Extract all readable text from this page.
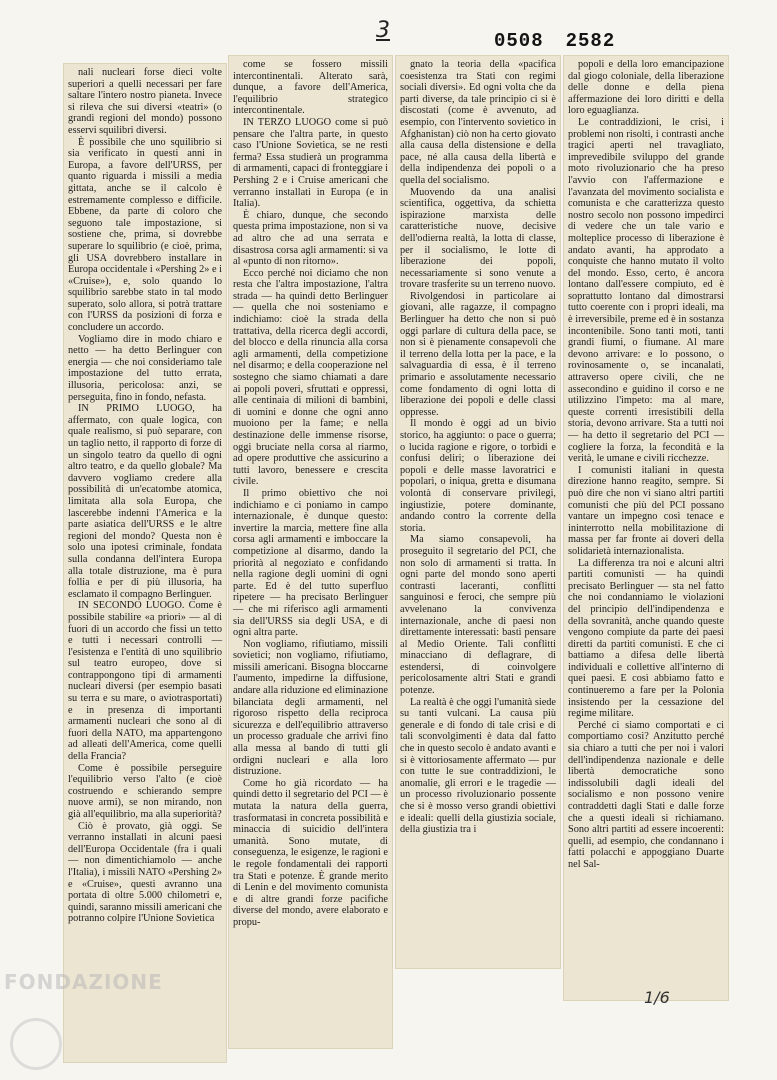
3	0508 2582

nali nucleari forse dieci volte superiori a quelli necessari per fare saltare l'intero nostro pianeta. Invece si rileva che sui diversi «teatri» (o grandi regioni del mondo) possono esservi squilibri diversi.

È possibile che uno squilibrio si sia verificato in questi anni in Europa, a favore dell'URSS, per quanto riguarda i missili a media gittata, anche se il calcolo è estremamente complesso e difficile. Ebbene, da parte di coloro che seguono tale impostazione, si sostiene che, prima, si dovrebbe superare lo squilibrio (e cioè, prima, gli USA dovrebbero installare in Europa occidentale i «Pershing 2» e i «Cruise»), e, solo quando lo squilibrio sarebbe stato in tal modo superato, solo allora, si potrà trattare con l'URSS da posizioni di forza e concludere un accordo.

Vogliamo dire in modo chiaro e netto — ha detto Berlinguer con energia — che noi consideriamo tale impostazione del tutto errata, illusoria, pericolosa: anzi, se perseguita, fino in fondo, nefasta.

IN PRIMO LUOGO, ha affermato, con quale logica, con quale realismo, si può separare, con un taglio netto, il rapporto di forze di un singolo teatro da quello di ogni altro teatro, e da quello globale? Ma davvero vogliamo credere alla possibilità di un'ecatombe atomica, limitata alla sola Europa, che lascerebbe indenni l'America e la parte asiatica dell'URSS e le altre regioni del mondo? Questa non è solo una ipotesi criminale, fondata sulla condanna dell'intera Europa alla totale distruzione, ma è pura follia e per di più illusoria, ha esclamato il compagno Berlinguer.

IN SECONDO LUOGO. Come è possibile stabilire «a priori» — al di fuori di un accordo che fissi un tetto e tutti i necessari controlli — l'esistenza e l'entità di uno squilibrio sul teatro europeo, dove si contrappongono tipi di armamenti nucleari diversi (per esempio basati su terra e su mare, o aviotrasportati) e in presenza di importanti armamenti nucleari che sono al di fuori della NATO, ma appartengono ad alleati dell'America, come quelli della Francia?

Come è possibile perseguire l'equilibrio verso l'alto (e cioè costruendo e schierando sempre nuove armi), se non mirando, non già all'equilibrio, ma alla superiorità?

Ciò è provato, già oggi. Se verranno installati in alcuni paesi dell'Europa Occidentale (fra i quali — non dimentichiamolo — anche l'Italia), i missili NATO «Pershing 2» e «Cruise», questi avranno una portata di oltre 5.000 chilometri e, quindi, saranno missili americani che potranno colpire l'Unione Sovietica

come se fossero missili intercontinentali. Alterato sarà, dunque, a favore dell'America, l'equilibrio strategico intercontinentale.

IN TERZO LUOGO come si può pensare che l'altra parte, in questo caso l'Unione Sovietica, se ne resti ferma? Essa studierà un programma di armamenti, capaci di fronteggiare i Pershing 2 e i Cruise americani che verranno installati in Europa (e in Italia).

È chiaro, dunque, che secondo questa prima impostazione, non si va ad altro che ad una serrata e disastrosa corsa agli armamenti: si va al «punto di non ritorno».

Ecco perché noi diciamo che non resta che l'altra impostazione, l'altra strada — ha quindi detto Berlinguer — quella che noi sosteniamo e indichiamo: cioè la strada della trattativa, della ricerca degli accordi, del blocco e della rinuncia alla corsa agli armamenti, della competizione nel disarmo; e della cooperazione nel sostegno che siamo chiamati a dare ai popoli poveri, sfruttati e oppressi, alle centinaia di milioni di bambini, di uomini e donne che ogni anno muoiono per la fame; e nella destinazione delle immense risorse, oggi bruciate nella corsa al riarmo, ad opere produttive che assicurino a tutti lavoro, benessere e crescita civile.

Il primo obiettivo che noi indichiamo e ci poniamo in campo internazionale, è dunque questo: invertire la marcia, mettere fine alla corsa agli armamenti e imboccare la competizione al disarmo, dando la priorità al negoziato e confidando nella ragione degli uomini di ogni parte. Ed è del tutto superfluo ripetere — ha precisato Berlinguer — che mi riferisco agli armamenti sia dell'URSS sia degli USA, e di ogni altra parte.

Non vogliamo, rifiutiamo, missili sovietici; non vogliamo, rifiutiamo, missili americani. Bisogna bloccarne l'aumento, impedirne la diffusione, andare alla riduzione ed eliminazione bilanciata degli armamenti, nel rigoroso rispetto della reciproca sicurezza e dell'equilibrio attraverso un processo graduale che arrivi fino alla messa al bando di tutti gli ordigni nucleari e alla loro distruzione.

Come ho già ricordato — ha quindi detto il segretario del PCI — è mutata la natura della guerra, trasformatasi in concreta possibilità e minaccia di suicidio dell'intera umanità. Sono mutate, di conseguenza, le esigenze, le ragioni e le regole fondamentali dei rapporti tra Stati e potenze. È grande merito di Lenin e del movimento comunista e di altre grandi forze pacifiche diverse del mondo, avere elaborato e propu-

gnato la teoria della «pacifica coesistenza tra Stati con regimi sociali diversi». Ed ogni volta che da parti diverse, da tale principio ci si è discostati (come è avvenuto, ad esempio, con l'intervento sovietico in Afghanistan) ciò non ha certo giovato alla causa della distensione e della pace, né alla causa della libertà e della indipendenza dei popoli o a quella del socialismo.

Muovendo da una analisi scientifica, oggettiva, da schietta ispirazione marxista delle caratteristiche nuove, decisive dell'odierna realtà, la lotta di classe, per il socialismo, le lotte di liberazione dei popoli, necessariamente si sono venute a trovare trasferite su un terreno nuovo.

Rivolgendosi in particolare ai giovani, alle ragazze, il compagno Berlinguer ha detto che non si può oggi parlare di cultura della pace, se non si è pienamente consapevoli che il terreno della lotta per la pace, e la salvaguardia di essa, è il terreno primario e assolutamente necessario come fondamento di ogni lotta di liberazione dei popoli e delle classi oppresse.

Il mondo è oggi ad un bivio storico, ha aggiunto: o pace o guerra; o lucida ragione e rigore, o torbidi e confusi deliri; o liberazione dei popoli e delle masse lavoratrici e popolari, o iniqua, gretta e disumana volontà di conservare privilegi, ingiustizie, potere dominante, andando contro la corrente della storia.

Ma siamo consapevoli, ha proseguito il segretario del PCI, che non solo di armamenti si tratta. In ogni parte del mondo sono aperti contrasti laceranti, conflitti sanguinosi e feroci, che sempre più avvelenano la convivenza internazionale, anche di paesi non direttamente interessati: basti pensare al Medio Oriente. Tali conflitti minacciano di deflagrare, di estendersi, di coinvolgere pericolosamente altri Stati e grandi potenze.

La realtà è che oggi l'umanità siede su tanti vulcani. La causa più generale e di fondo di tale crisi e di tali sconvolgimenti è data dal fatto che in questo secolo è andato avanti e si è vittoriosamente affermato — pur con tutte le sue contraddizioni, le anomalie, gli errori e le tragedie — un processo rivoluzionario possente che si è mosso verso grandi obiettivi e ideali: quelli della giustizia sociale, della giustizia tra i

popoli e della loro emancipazione dal giogo coloniale, della liberazione delle donne e della piena affermazione dei loro diritti e della loro eguaglianza.

Le contraddizioni, le crisi, i problemi non risolti, i contrasti anche tragici aperti nel travagliato, imprevedibile sviluppo del grande moto rivoluzionario che ha preso l'avvio con l'affermazione e l'avanzata del movimento socialista e comunista e che caratterizza questo nostro secolo non possono impedirci di vedere che un tale vario e molteplice processo di liberazione è andato avanti, ha approdato a conquiste che hanno mutato il volto del mondo. Esso, certo, è ancora lontano dall'essere compiuto, ed è soprattutto lontano dal dimostrarsi tutto coerente con i propri ideali, ma è irreversibile, preme ed è in sostanza incontenibile. Sono tanti moti, tanti grandi fiumi, o fiumane. Al mare devono arrivare: e lo possono, o rovinosamente o, se incanalati, attraverso opere civili, che ne assecondino e guidino il corso e ne utilizzino l'impeto: ma al mare, queste correnti irresistibili della storia, devono arrivare. Sta a tutti noi — ha detto il segretario del PCI — cogliere la forza, la fecondità e la verità, le umane e civili ricchezze.

I comunisti italiani in questa direzione hanno reagito, sempre. Si può dire che non vi siano altri partiti comunisti che più del PCI possano vantare un impegno così tenace e ininterrotto nella mobilitazione di massa per far fronte ai doveri della solidarietà internazionalista.

La differenza tra noi e alcuni altri partiti comunisti — ha quindi precisato Berlinguer — sta nel fatto che noi condanniamo le violazioni del principio dell'indipendenza e della sovranità, anche quando queste vengono compiute da parte dei paesi diretti da partiti comunisti. E che ci battiamo a difesa delle libertà individuali e collettive all'interno di quei paesi. E così abbiamo fatto e continueremo a fare per la Polonia insistendo per la cessazione del regime militare.

Perché ci siamo comportati e ci comportiamo così? Anzitutto perché sia chiaro a tutti che per noi i valori dell'indipendenza nazionale e delle libertà democratiche sono indissolubili dagli ideali del socialismo e non possono venire contraddetti dagli Stati e dalle forze che a questi ideali si richiamano. Sono altri partiti ad essere incoerenti: quelli, ad esempio, che condannano i fatti polacchi e appoggiano Duarte nel Sal-

1/6
FONDAZIONE
